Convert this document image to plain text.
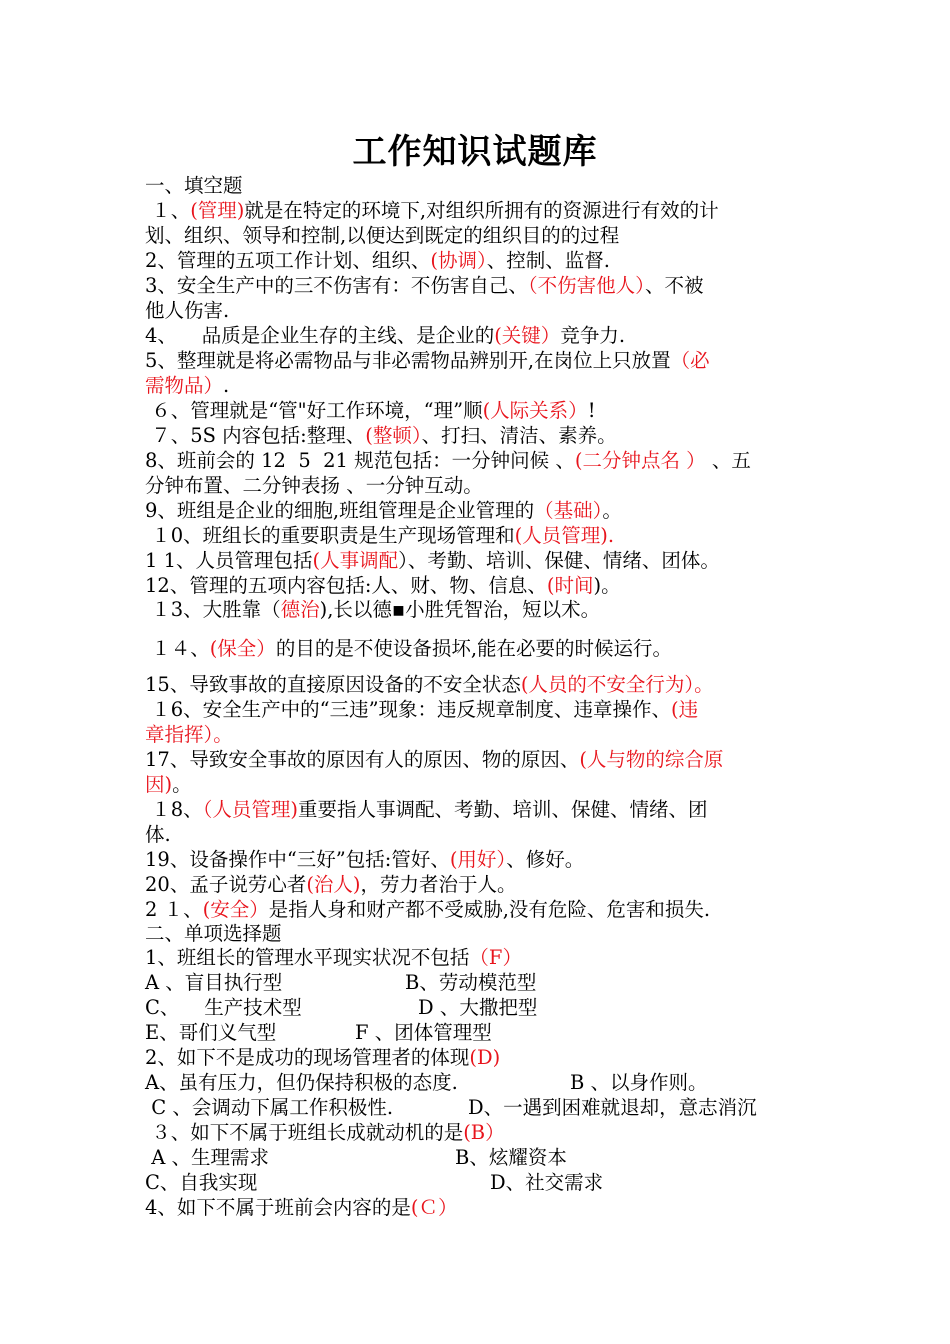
工作知识试题库
一、填空题
１、(管理)就是在特定的环境下,对组织所拥有的资源进行有效的计
划、组织、领导和控制,以便达到既定的组织目的的过程
2、管理的五项工作计划、组织、(协调）、控制、监督.
3、安全生产中的三不伤害有：不伤害自己、（不伤害他人）、不被
他人伤害.
4、    品质是企业生存的主线、是企业的(关键）竞争力.
5、整理就是将必需物品与非必需物品辨别开,在岗位上只放置（必
需物品）.
６、管理就是“管"好工作环境，“理”顺(人际关系）!
７、5S 内容包括:整理、(整顿）、打扫、清洁、素养。
8、班前会的 12  5  21 规范包括：一分钟问候 、(二分钟点名 ） 、五
分钟布置、二分钟表扬 、一分钟互动。
9、班组是企业的细胞,班组管理是企业管理的（基础）。
１0、班组长的重要职责是生产现场管理和(人员管理).
1 1、人员管理包括(人事调配）、考勤、培训、保健、情绪、团体。
12、管理的五项内容包括:人、财、物、信息、(时间)。
１3、大胜靠（德治),长以德▪小胜凭智治，短以术。
１４、(保全）的目的是不使设备损坏,能在必要的时候运行。
15、导致事故的直接原因设备的不安全状态(人员的不安全行为）。
１6、安全生产中的“三违”现象：违反规章制度、违章操作、(违
章指挥）。
17、导致安全事故的原因有人的原因、物的原因、(人与物的综合原
因)。
１8、（人员管理)重要指人事调配、考勤、培训、保健、情绪、团
体.
19、设备操作中“三好”包括:管好、(用好）、修好。
20、孟子说劳心者(治人)，劳力者治于人。
2 １、(安全）是指人身和财产都不受威胁,没有危险、危害和损失.
二、单项选择题
1、班组长的管理水平现实状况不包括（F）
A 、盲目执行型	B、劳动模范型
C、    生产技术型	D 、大撒把型
E、哥们义气型	F 、团体管理型
2、如下不是成功的现场管理者的体现(D)
A、虽有压力，但仍保持积极的态度.	B 、以身作则。
C 、会调动下属工作积极性.	D、一遇到困难就退却，意志消沉
３、如下不属于班组长成就动机的是(B）
A 、生理需求	B、炫耀资本
C、自我实现	D、社交需求
4、如下不属于班前会内容的是(Ｃ）
